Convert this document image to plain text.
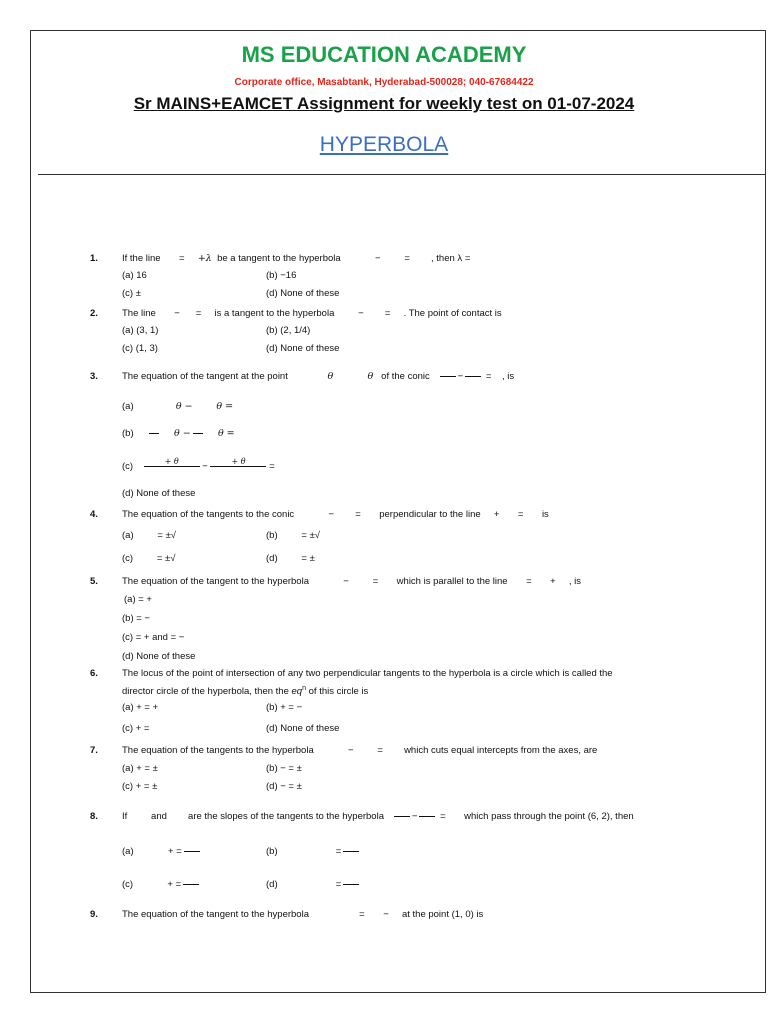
MS EDUCATION ACADEMY
Corporate office, Masabtank, Hyderabad-500028; 040-67684422
Sr MAINS+EAMCET Assignment for weekly test on 01-07-2024
HYPERBOLA
1.	If the line = +λ be a tangent to the hyperbola	−	= , then λ =
(a) 16	(b) −16
(c) ±	(d) None of these
2.	The line − = is a tangent to the hyperbola	− = . The point of contact is
(a) (3, 1)	(b) (2, 1/4)
(c) (1, 3)	(d) None of these
3.	The equation of the tangent at the point	θ	θ of the conic	− = , is
(a)	θ −	θ =
(b)	θ −	θ =
(c)	+ θ
	−	+ θ
	=
(d) None of these
4.	The equation of the tangents to the conic	− = perpendicular to the line + = is
(a)	= ±√	(b)	= ±√
(c)	= ±√	(d)	= ±
5.	The equation of the tangent to the hyperbola	−	= which is parallel to the line = + , is
(a) = +
(b) = −
(c) = + and = −
(d) None of these
6.	The locus of the point of intersection of any two perpendicular tangents to the hyperbola is a circle which is called the
director circle of the hyperbola, then the $eq^n$ of this circle is
(a) + = +	(b) + = −
(c) + =	(d) None of these
7.	The equation of the tangents to the hyperbola	−	= which cuts equal intercepts from the axes, are
(a) + = ±	(b) − = ±
(c) + = ±	(d) − = ±
8.	If	and are the slopes of the tangents to the hyperbola	− = which pass through the point (6, 2), then
(a)	+ =	(b)	=
(c)	+ =	(d)	=
9.	The equation of the tangent to the hyperbola	= − at the point (1, 0) is
